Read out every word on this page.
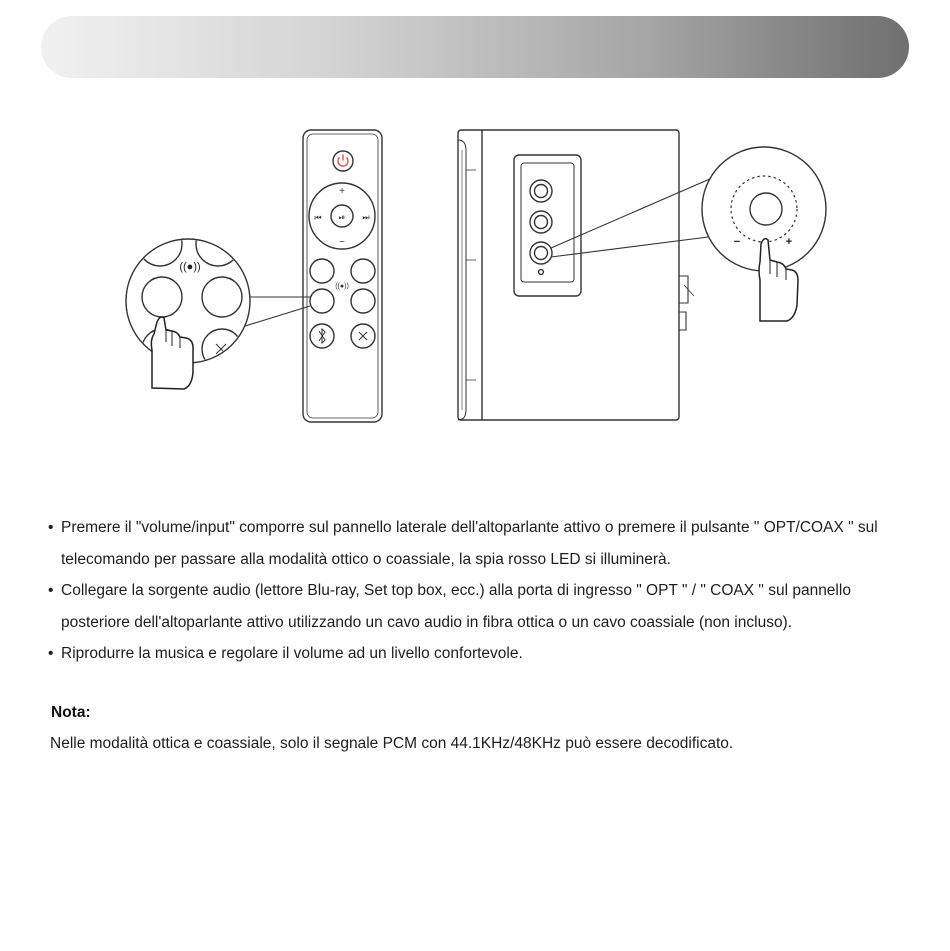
+
−
⏮ ⏯ ⏭
((●))
((●))
−	+
• Premere il "volume/input" comporre sul pannello laterale dell'altoparlante attivo o premere il pulsante " OPT/COAX " sul telecomando per passare alla modalità ottico o coassiale, la spia rosso LED si illuminerà.
• Collegare la sorgente audio (lettore Blu-ray, Set top box, ecc.) alla porta di ingresso " OPT " / " COAX " sul pannello posteriore dell'altoparlante attivo utilizzando un cavo audio in fibra ottica o un cavo coassiale (non incluso).
• Riprodurre la musica e regolare il volume ad un livello confortevole.
Nota:
Nelle modalità ottica e coassiale, solo il segnale PCM con 44.1KHz/48KHz può essere decodificato.
